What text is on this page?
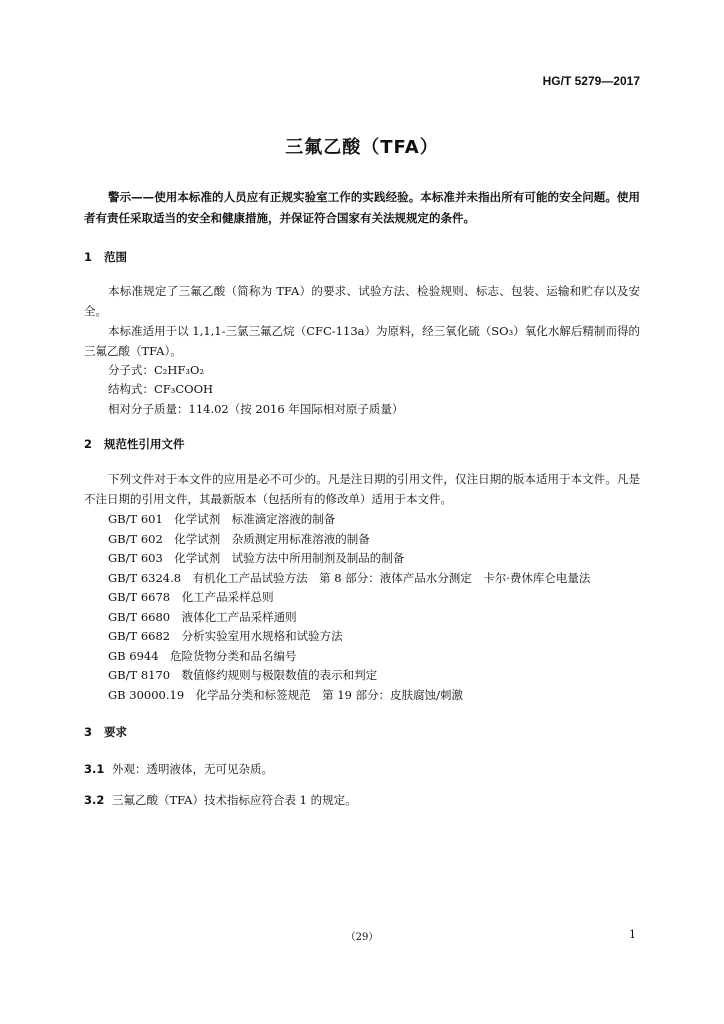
HG/T 5279—2017
三氟乙酸（TFA）
警示——使用本标准的人员应有正规实验室工作的实践经验。本标准并未指出所有可能的安全问题。使用者有责任采取适当的安全和健康措施，并保证符合国家有关法规规定的条件。
1 范围
本标准规定了三氟乙酸（简称为 TFA）的要求、试验方法、检验规则、标志、包装、运输和贮存以及安全。
本标准适用于以 1,1,1-三氯三氟乙烷（CFC-113a）为原料，经三氧化硫（SO₃）氧化水解后精制而得的三氟乙酸（TFA）。
分子式：C₂HF₃O₂
结构式：CF₃COOH
相对分子质量：114.02（按 2016 年国际相对原子质量）
2 规范性引用文件
下列文件对于本文件的应用是必不可少的。凡是注日期的引用文件，仅注日期的版本适用于本文件。凡是不注日期的引用文件，其最新版本（包括所有的修改单）适用于本文件。
GB/T 601　化学试剂　标准滴定溶液的制备
GB/T 602　化学试剂　杂质测定用标准溶液的制备
GB/T 603　化学试剂　试验方法中所用制剂及制品的制备
GB/T 6324.8　有机化工产品试验方法　第 8 部分：液体产品水分测定　卡尔·费休库仑电量法
GB/T 6678　化工产品采样总则
GB/T 6680　液体化工产品采样通则
GB/T 6682　分析实验室用水规格和试验方法
GB 6944　危险货物分类和品名编号
GB/T 8170　数值修约规则与极限数值的表示和判定
GB 30000.19　化学品分类和标签规范　第 19 部分：皮肤腐蚀/刺激
3 要求
3.1 外观：透明液体，无可见杂质。
3.2 三氟乙酸（TFA）技术指标应符合表 1 的规定。
（29）	1
